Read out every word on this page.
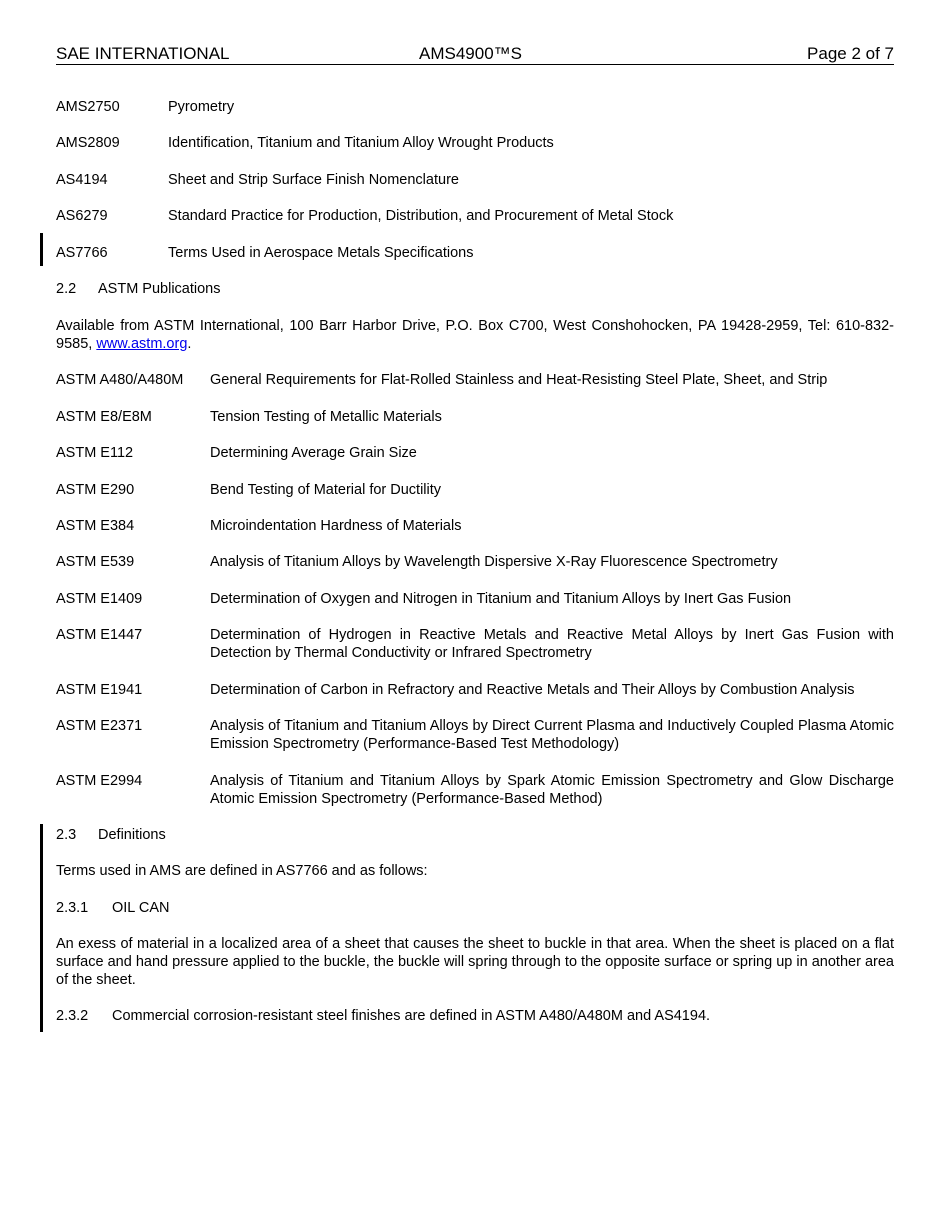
SAE INTERNATIONAL	AMS4900™S	Page 2 of 7
AMS2750	Pyrometry
AMS2809	Identification, Titanium and Titanium Alloy Wrought Products
AS4194	Sheet and Strip Surface Finish Nomenclature
AS6279	Standard Practice for Production, Distribution, and Procurement of Metal Stock
AS7766	Terms Used in Aerospace Metals Specifications
2.2 ASTM Publications
Available from ASTM International, 100 Barr Harbor Drive, P.O. Box C700, West Conshohocken, PA 19428-2959, Tel: 610-832-9585, www.astm.org.
ASTM A480/A480M General Requirements for Flat-Rolled Stainless and Heat-Resisting Steel Plate, Sheet, and Strip
ASTM E8/E8M	Tension Testing of Metallic Materials
ASTM E112	Determining Average Grain Size
ASTM E290	Bend Testing of Material for Ductility
ASTM E384	Microindentation Hardness of Materials
ASTM E539	Analysis of Titanium Alloys by Wavelength Dispersive X-Ray Fluorescence Spectrometry
ASTM E1409	Determination of Oxygen and Nitrogen in Titanium and Titanium Alloys by Inert Gas Fusion
ASTM E1447	Determination of Hydrogen in Reactive Metals and Reactive Metal Alloys by Inert Gas Fusion with Detection by Thermal Conductivity or Infrared Spectrometry
ASTM E1941	Determination of Carbon in Refractory and Reactive Metals and Their Alloys by Combustion Analysis
ASTM E2371	Analysis of Titanium and Titanium Alloys by Direct Current Plasma and Inductively Coupled Plasma Atomic Emission Spectrometry (Performance-Based Test Methodology)
ASTM E2994	Analysis of Titanium and Titanium Alloys by Spark Atomic Emission Spectrometry and Glow Discharge Atomic Emission Spectrometry (Performance-Based Method)
2.3 Definitions
Terms used in AMS are defined in AS7766 and as follows:
2.3.1 OIL CAN
An exess of material in a localized area of a sheet that causes the sheet to buckle in that area. When the sheet is placed on a flat surface and hand pressure applied to the buckle, the buckle will spring through to the opposite surface or spring up in another area of the sheet.
2.3.2 Commercial corrosion-resistant steel finishes are defined in ASTM A480/A480M and AS4194.
